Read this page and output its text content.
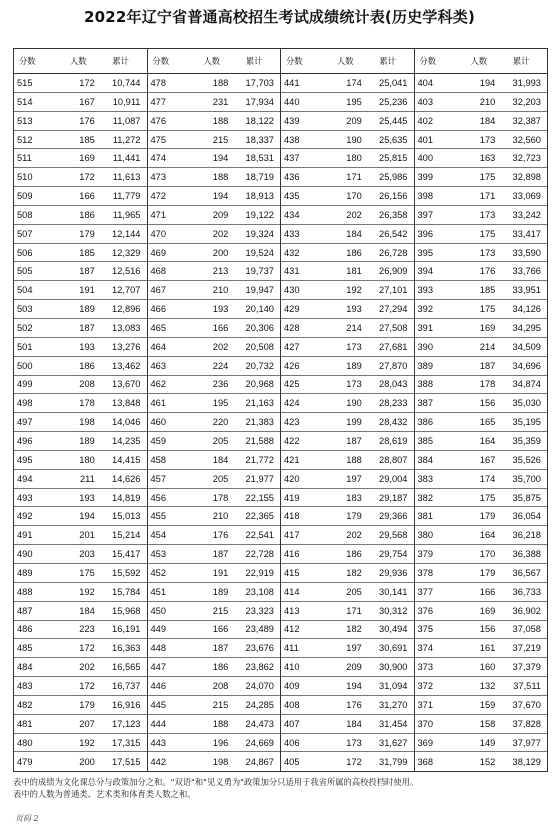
2022年辽宁省普通高校招生考试成绩统计表(历史学科类)
分数	人数	累计
515	172	10,744
514	167	10,911
513	176	11,087
512	185	11,272
511	169	11,441
510	172	11,613
509	166	11,779
508	186	11,965
507	179	12,144
506	185	12,329
505	187	12,516
504	191	12,707
503	189	12,896
502	187	13,083
501	193	13,276
500	186	13,462
499	208	13,670
498	178	13,848
497	198	14,046
496	189	14,235
495	180	14,415
494	211	14,626
493	193	14,819
492	194	15,013
491	201	15,214
490	203	15,417
489	175	15,592
488	192	15,784
487	184	15,968
486	223	16,191
485	172	16,363
484	202	16,565
483	172	16,737
482	179	16,916
481	207	17,123
480	192	17,315
479	200	17,515
分数	人数	累计
478	188	17,703
477	231	17,934
476	188	18,122
475	215	18,337
474	194	18,531
473	188	18,719
472	194	18,913
471	209	19,122
470	202	19,324
469	200	19,524
468	213	19,737
467	210	19,947
466	193	20,140
465	166	20,306
464	202	20,508
463	224	20,732
462	236	20,968
461	195	21,163
460	220	21,383
459	205	21,588
458	184	21,772
457	205	21,977
456	178	22,155
455	210	22,365
454	176	22,541
453	187	22,728
452	191	22,919
451	189	23,108
450	215	23,323
449	166	23,489
448	187	23,676
447	186	23,862
446	208	24,070
445	215	24,285
444	188	24,473
443	196	24,669
442	198	24,867
分数	人数	累计
441	174	25,041
440	195	25,236
439	209	25,445
438	190	25,635
437	180	25,815
436	171	25,986
435	170	26,156
434	202	26,358
433	184	26,542
432	186	26,728
431	181	26,909
430	192	27,101
429	193	27,294
428	214	27,508
427	173	27,681
426	189	27,870
425	173	28,043
424	190	28,233
423	199	28,432
422	187	28,619
421	188	28,807
420	197	29,004
419	183	29,187
418	179	29,366
417	202	29,568
416	186	29,754
415	182	29,936
414	205	30,141
413	171	30,312
412	182	30,494
411	197	30,691
410	209	30,900
409	194	31,094
408	176	31,270
407	184	31,454
406	173	31,627
405	172	31,799
分数	人数	累计
404	194	31,993
403	210	32,203
402	184	32,387
401	173	32,560
400	163	32,723
399	175	32,898
398	171	33,069
397	173	33,242
396	175	33,417
395	173	33,590
394	176	33,766
393	185	33,951
392	175	34,126
391	169	34,295
390	214	34,509
389	187	34,696
388	178	34,874
387	156	35,030
386	165	35,195
385	164	35,359
384	167	35,526
383	174	35,700
382	175	35,875
381	179	36,054
380	164	36,218
379	170	36,388
378	179	36,567
377	166	36,733
376	169	36,902
375	156	37,058
374	161	37,219
373	160	37,379
372	132	37,511
371	159	37,670
370	158	37,828
369	149	37,977
368	152	38,129
表中的成绩为文化课总分与政策加分之和。"双语"和"见义勇为"政策加分只适用于我省所属的高校投档时使用。
表中的人数为普通类、艺术类和体育类人数之和。
页码 2
